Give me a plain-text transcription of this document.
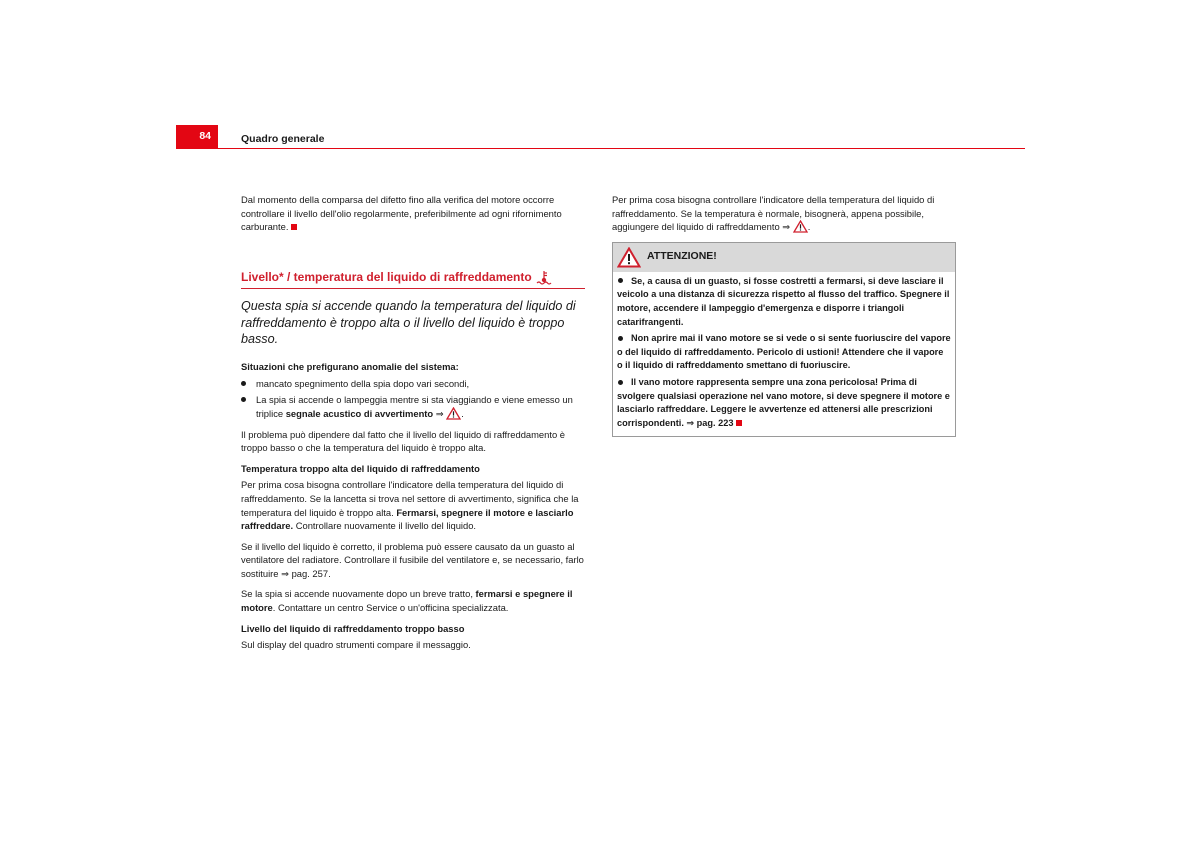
84	Quadro generale

Dal momento della comparsa del difetto fino alla verifica del motore occorre controllare il livello dell'olio regolarmente, preferibilmente ad ogni rifornimento carburante.

Livello* / temperatura del liquido di raffreddamento
Questa spia si accende quando la temperatura del liquido di raffreddamento è troppo alta o il livello del liquido è troppo basso.
Situazioni che prefigurano anomalie del sistema:
mancato spegnimento della spia dopo vari secondi,
La spia si accende o lampeggia mentre si sta viaggiando e viene emesso un triplice segnale acustico di avvertimento ⇒ .

Il problema può dipendere dal fatto che il livello del liquido di raffreddamento è troppo basso o che la temperatura del liquido è troppo alta.

Temperatura troppo alta del liquido di raffreddamento

Per prima cosa bisogna controllare l'indicatore della temperatura del liquido di raffreddamento. Se la lancetta si trova nel settore di avvertimento, significa che la temperatura del liquido è troppo alta. Fermarsi, spegnere il motore e lasciarlo raffreddare. Controllare nuovamente il livello del liquido.

Se il livello del liquido è corretto, il problema può essere causato da un guasto al ventilatore del radiatore. Controllare il fusibile del ventilatore e, se necessario, farlo sostituire ⇒ pag. 257.

Se la spia si accende nuovamente dopo un breve tratto, fermarsi e spegnere il motore. Contattare un centro Service o un'officina specializzata.

Livello del liquido di raffreddamento troppo basso

Sul display del quadro strumenti compare il messaggio.

Per prima cosa bisogna controllare l'indicatore della temperatura del liquido di raffreddamento. Se la temperatura è normale, bisognerà, appena possibile, aggiungere del liquido di raffreddamento ⇒ .

ATTENZIONE!
Se, a causa di un guasto, si fosse costretti a fermarsi, si deve lasciare il veicolo a una distanza di sicurezza rispetto al flusso del traffico. Spegnere il motore, accendere il lampeggio d'emergenza e disporre i triangoli catarifrangenti.
Non aprire mai il vano motore se si vede o si sente fuoriuscire del vapore o del liquido di raffreddamento. Pericolo di ustioni! Attendere che il vapore o il liquido di raffreddamento smettano di fuoriuscire.
Il vano motore rappresenta sempre una zona pericolosa! Prima di svolgere qualsiasi operazione nel vano motore, si deve spegnere il motore e lasciarlo raffreddare. Leggere le avvertenze ed attenersi alle prescrizioni corrispondenti. ⇒ pag. 223
